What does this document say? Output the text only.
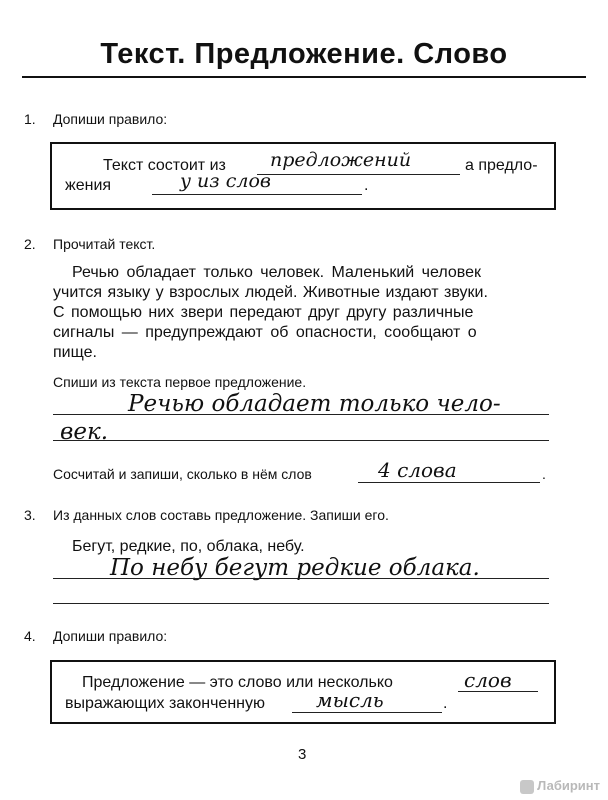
Текст. Предложение. Слово
1. Допиши правило:
Текст состоит из предложений	а предло-
жения	у из слов	.
2. Прочитай текст.
Речью обладает только человек. Маленький человек
учится языку у взрослых людей. Животные издают звуки.
С помощью них звери передают друг другу различные
сигналы — предупреждают об опасности, сообщают о
пище.
Спиши из текста первое предложение.
Речью обладает только чело-
век.
Сосчитай и запиши, сколько в нём слов	4 слова	.
3. Из данных слов составь предложение. Запиши его.
Бегут, редкие, по, облака, небу.
По небу бегут редкие облака.
4. Допиши правило:
Предложение — это слово или несколько	слов
выражающих законченную	мысль	.
3
Лабиринт
